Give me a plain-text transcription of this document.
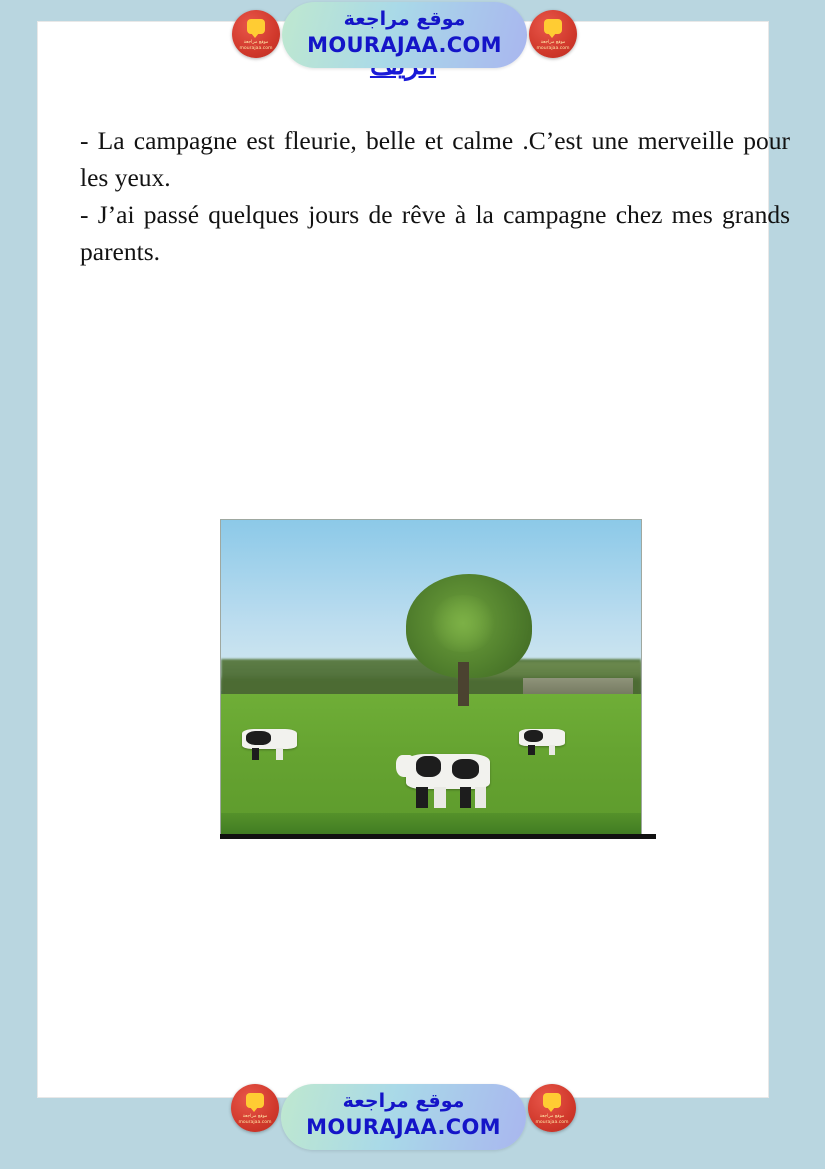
- La campagne est fleurie, belle et calme .C’est une merveille pour les yeux.

- J’ai passé quelques jours de rêve à la campagne chez mes grands parents.

موقع مراجعة
mourajaa.com
موقع مراجعة
MOURAJAA.COM	موقع مراجعة
mourajaa.com
موقع مراجعة
mourajaa.com
موقع مراجعة
MOURAJAA.COM	موقع مراجعة
mourajaa.com
